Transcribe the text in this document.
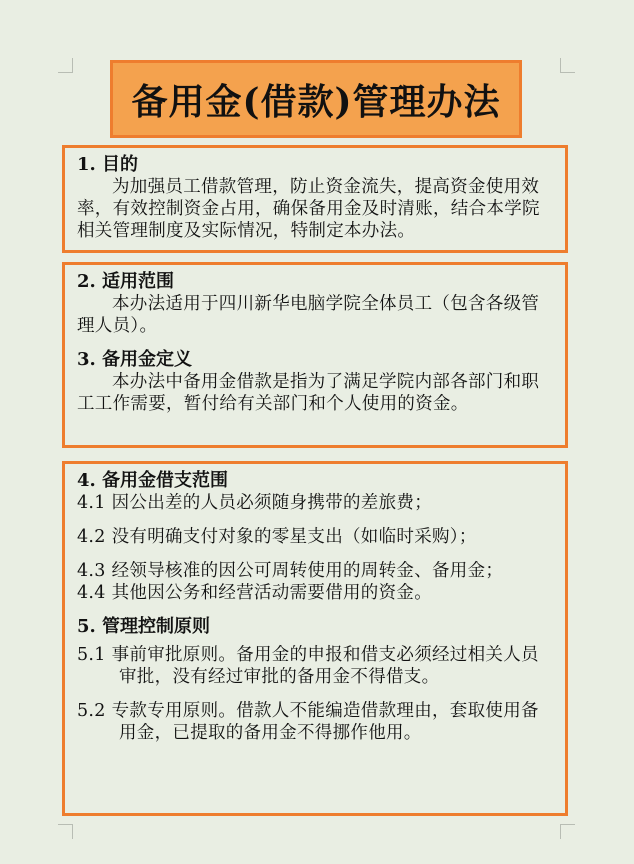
备用金(借款)管理办法

1. 目的

为加强员工借款管理，防止资金流失，提高资金使用效率，有效控制资金占用，确保备用金及时清账，结合本学院相关管理制度及实际情况，特制定本办法。

2. 适用范围

本办法适用于四川新华电脑学院全体员工（包含各级管理人员）。

3. 备用金定义

本办法中备用金借款是指为了满足学院内部各部门和职工工作需要，暂付给有关部门和个人使用的资金。

4. 备用金借支范围

4.1 因公出差的人员必须随身携带的差旅费；

4.2 没有明确支付对象的零星支出（如临时采购）；

4.3 经领导核准的因公可周转使用的周转金、备用金；

4.4 其他因公务和经营活动需要借用的资金。

5. 管理控制原则

5.1 事前审批原则。备用金的申报和借支必须经过相关人员审批，没有经过审批的备用金不得借支。

5.2 专款专用原则。借款人不能编造借款理由，套取使用备用金，已提取的备用金不得挪作他用。
